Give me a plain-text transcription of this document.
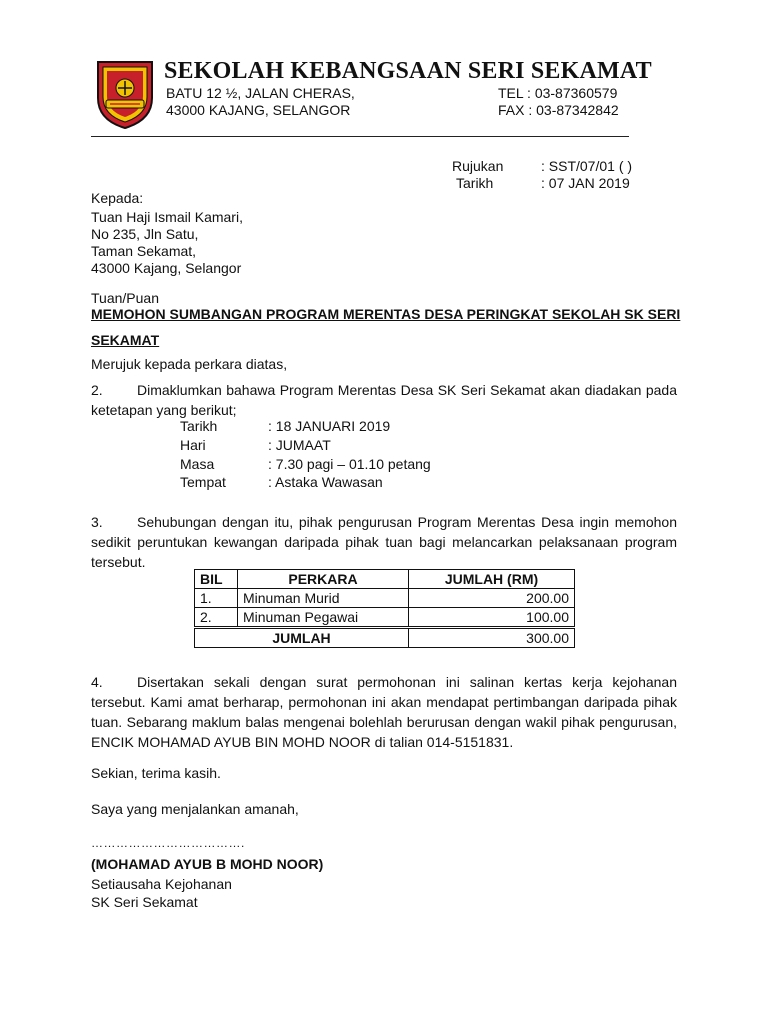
SEKOLAH KEBANGSAAN SERI SEKAMAT
BATU 12 ½, JALAN CHERAS,
43000 KAJANG, SELANGOR
TEL : 03-87360579
FAX : 03-87342842
Rujukan	: SST/07/01 ( )
Tarikh	: 07 JAN 2019
Kepada:
Tuan Haji Ismail Kamari,
No 235, Jln Satu,
Taman Sekamat,
43000 Kajang, Selangor
Tuan/Puan
MEMOHON SUMBANGAN PROGRAM MERENTAS DESA PERINGKAT SEKOLAH SK SERI
SEKAMAT
Merujuk kepada perkara diatas,
2. Dimaklumkan bahawa Program Merentas Desa SK Seri Sekamat akan diadakan pada ketetapan yang berikut;
Tarikh	: 18 JANUARI 2019
Hari	: JUMAAT
Masa	: 7.30 pagi – 01.10 petang
Tempat	: Astaka Wawasan
3. Sehubungan dengan itu, pihak pengurusan Program Merentas Desa ingin memohon sedikit peruntukan kewangan daripada pihak tuan bagi melancarkan pelaksanaan program tersebut.
BIL	PERKARA	JUMLAH (RM)
1.	Minuman Murid	200.00
2.	Minuman Pegawai	100.00
JUMLAH		300.00
4. Disertakan sekali dengan surat permohonan ini salinan kertas kerja kejohanan tersebut. Kami amat berharap, permohonan ini akan mendapat pertimbangan daripada pihak tuan. Sebarang maklum balas mengenai bolehlah berurusan dengan wakil pihak pengurusan, ENCIK MOHAMAD AYUB BIN MOHD NOOR di talian 014-5151831.
Sekian, terima kasih.
Saya yang menjalankan amanah,
……………………………….
(MOHAMAD AYUB B MOHD NOOR)
Setiausaha Kejohanan
SK Seri Sekamat
